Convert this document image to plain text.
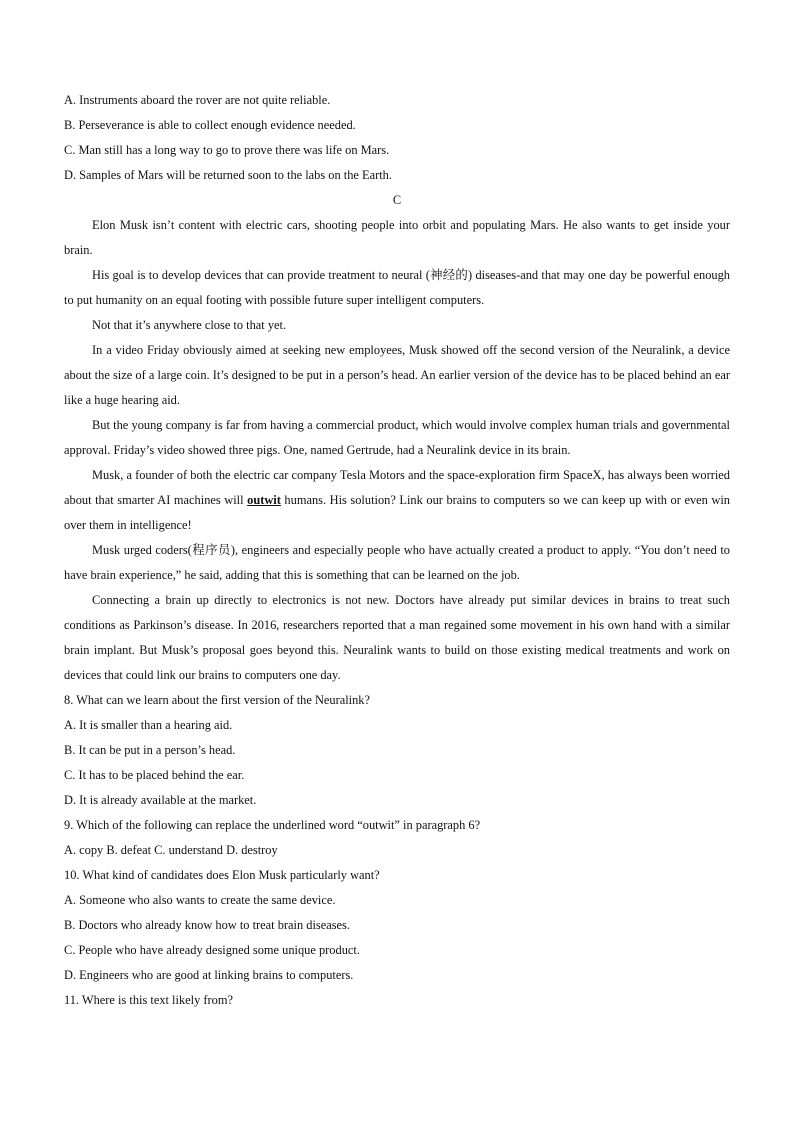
A. Instruments aboard the rover are not quite reliable.
B. Perseverance is able to collect enough evidence needed.
C. Man still has a long way to go to prove there was life on Mars.
D. Samples of Mars will be returned soon to the labs on the Earth.
C
Elon Musk isn’t content with electric cars, shooting people into orbit and populating Mars. He also wants to get inside your brain.
His goal is to develop devices that can provide treatment to neural (神经的) diseases-and that may one day be powerful enough to put humanity on an equal footing with possible future super intelligent computers.
Not that it’s anywhere close to that yet.
In a video Friday obviously aimed at seeking new employees, Musk showed off the second version of the Neuralink, a device about the size of a large coin. It’s designed to be put in a person’s head. An earlier version of the device has to be placed behind an ear like a huge hearing aid.
But the young company is far from having a commercial product, which would involve complex human trials and governmental approval. Friday’s video showed three pigs. One, named Gertrude, had a Neuralink device in its brain.
Musk, a founder of both the electric car company Tesla Motors and the space-exploration firm SpaceX, has always been worried about that smarter AI machines will outwit humans. His solution? Link our brains to computers so we can keep up with or even win over them in intelligence!
Musk urged coders(程序员), engineers and especially people who have actually created a product to apply. “You don’t need to have brain experience,” he said, adding that this is something that can be learned on the job.
Connecting a brain up directly to electronics is not new. Doctors have already put similar devices in brains to treat such conditions as Parkinson’s disease. In 2016, researchers reported that a man regained some movement in his own hand with a similar brain implant. But Musk’s proposal goes beyond this. Neuralink wants to build on those existing medical treatments and work on devices that could link our brains to computers one day.
8. What can we learn about the first version of the Neuralink?
A. It is smaller than a hearing aid.
B. It can be put in a person’s head.
C. It has to be placed behind the ear.
D. It is already available at the market.
9. Which of the following can replace the underlined word “outwit” in paragraph 6?
A. copy B. defeat C. understand D. destroy
10. What kind of candidates does Elon Musk particularly want?
A. Someone who also wants to create the same device.
B. Doctors who already know how to treat brain diseases.
C. People who have already designed some unique product.
D. Engineers who are good at linking brains to computers.
11. Where is this text likely from?
